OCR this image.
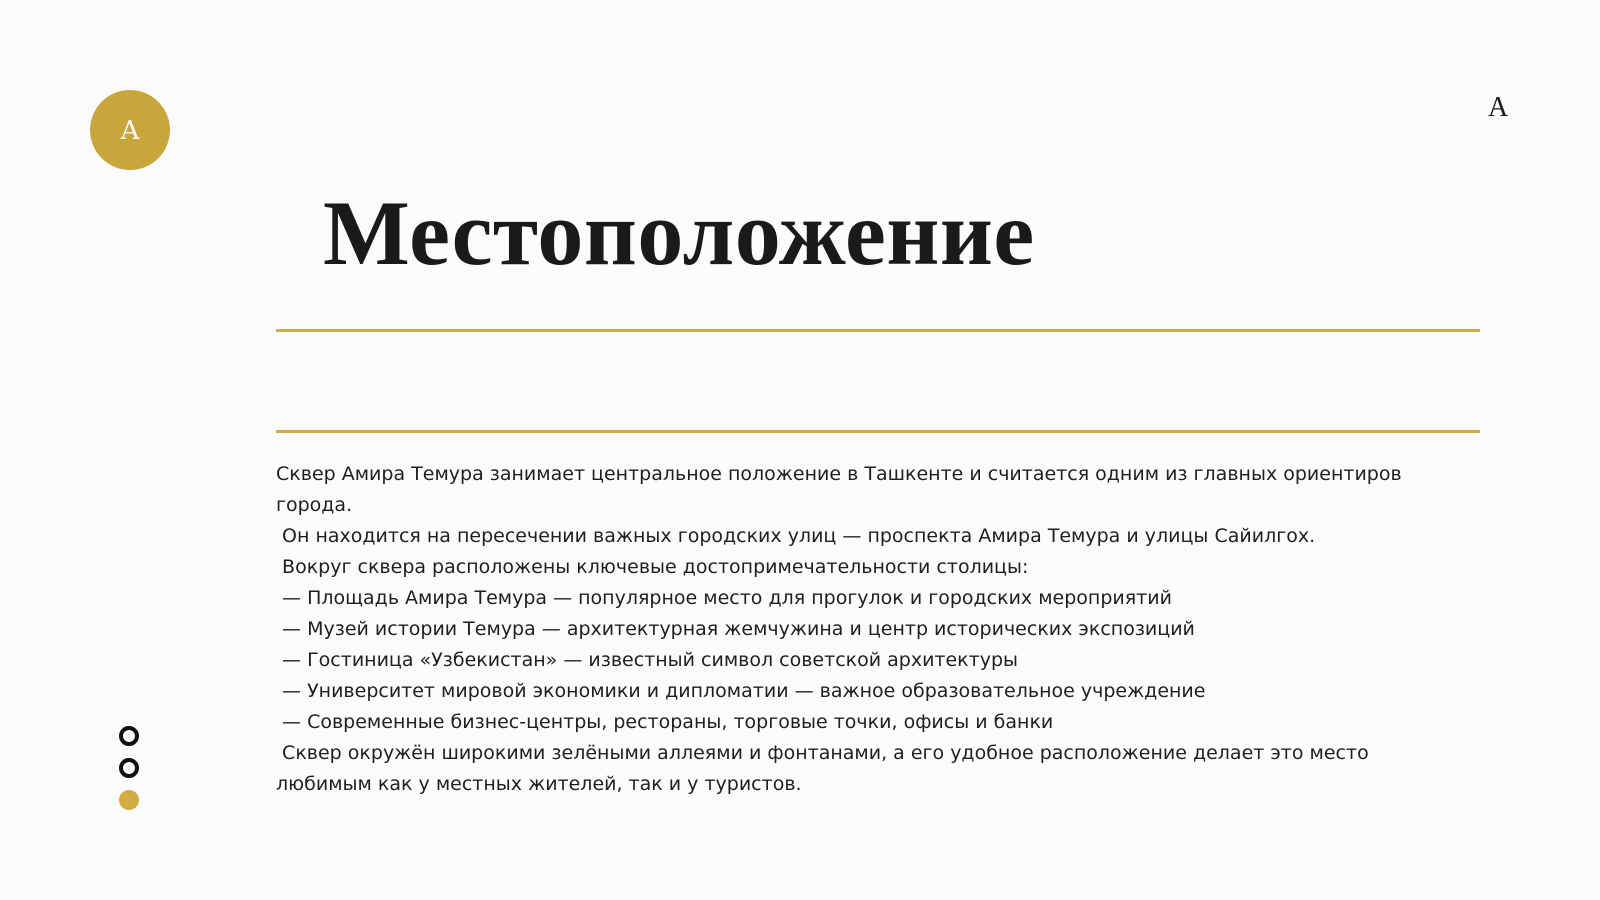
A
A
Местоположение

Сквер Амира Темура занимает центральное положение в Ташкенте и считается одним из главных ориентиров города.

Он находится на пересечении важных городских улиц — проспекта Амира Темура и улицы Сайилгох.

Вокруг сквера расположены ключевые достопримечательности столицы:

— Площадь Амира Темура — популярное место для прогулок и городских мероприятий

— Музей истории Темура — архитектурная жемчужина и центр исторических экспозиций

— Гостиница «Узбекистан» — известный символ советской архитектуры

— Университет мировой экономики и дипломатии — важное образовательное учреждение

— Современные бизнес-центры, рестораны, торговые точки, офисы и банки

Сквер окружён широкими зелёными аллеями и фонтанами, а его удобное расположение делает это место любимым как у местных жителей, так и у туристов.
